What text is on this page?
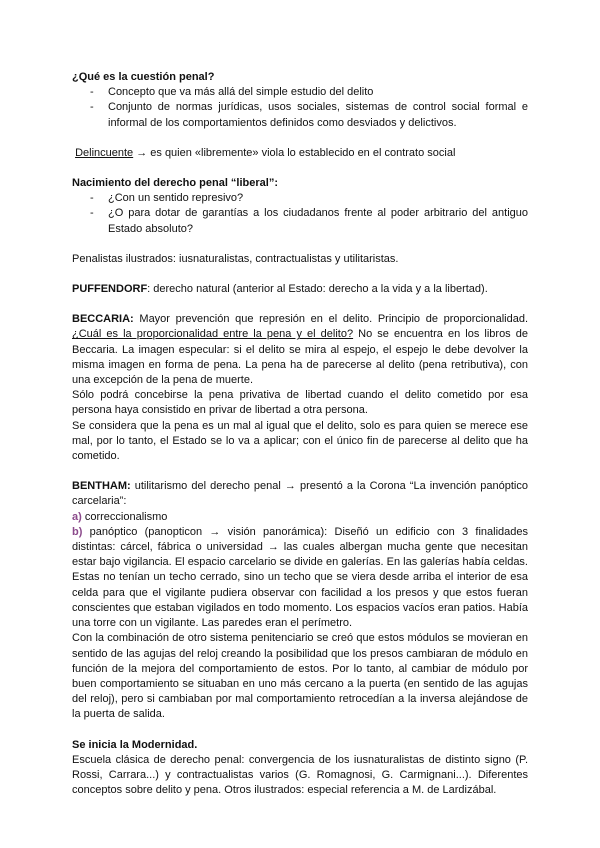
¿Qué es la cuestión penal?

- Concepto que va más allá del simple estudio del delito
- Conjunto de normas jurídicas, usos sociales, sistemas de control social formal e informal de los comportamientos definidos como desviados y delictivos.

Delincuente → es quien «libremente» viola lo establecido en el contrato social

Nacimiento del derecho penal “liberal”:

- ¿Con un sentido represivo?
- ¿O para dotar de garantías a los ciudadanos frente al poder arbitrario del antiguo Estado absoluto?

Penalistas ilustrados: iusnaturalistas, contractualistas y utilitaristas.

PUFFENDORF: derecho natural (anterior al Estado: derecho a la vida y a la libertad).

BECCARIA: Mayor prevención que represión en el delito. Principio de proporcionalidad. ¿Cuál es la proporcionalidad entre la pena y el delito? No se encuentra en los libros de Beccaria. La imagen especular: si el delito se mira al espejo, el espejo le debe devolver la misma imagen en forma de pena. La pena ha de parecerse al delito (pena retributiva), con una excepción de la pena de muerte.

Sólo podrá concebirse la pena privativa de libertad cuando el delito cometido por esa persona haya consistido en privar de libertad a otra persona.

Se considera que la pena es un mal al igual que el delito, solo es para quien se merece ese mal, por lo tanto, el Estado se lo va a aplicar; con el único fin de parecerse al delito que ha cometido.

BENTHAM: utilitarismo del derecho penal → presentó a la Corona “La invención panóptico carcelaria”:

a) correccionalismo

b) panóptico (panopticon → visión panorámica): Diseñó un edificio con 3 finalidades distintas: cárcel, fábrica o universidad → las cuales albergan mucha gente que necesitan estar bajo vigilancia. El espacio carcelario se divide en galerías. En las galerías había celdas. Estas no tenían un techo cerrado, sino un techo que se viera desde arriba el interior de esa celda para que el vigilante pudiera observar con facilidad a los presos y que estos fueran conscientes que estaban vigilados en todo momento. Los espacios vacíos eran patios. Había una torre con un vigilante. Las paredes eran el perímetro.

Con la combinación de otro sistema penitenciario se creó que estos módulos se movieran en sentido de las agujas del reloj creando la posibilidad que los presos cambiaran de módulo en función de la mejora del comportamiento de estos. Por lo tanto, al cambiar de módulo por buen comportamiento se situaban en uno más cercano a la puerta (en sentido de las agujas del reloj), pero si cambiaban por mal comportamiento retrocedían a la inversa alejándose de la puerta de salida.

Se inicia la Modernidad.

Escuela clásica de derecho penal: convergencia de los iusnaturalistas de distinto signo (P. Rossi, Carrara...) y contractualistas varios (G. Romagnosi, G. Carmignani...). Diferentes conceptos sobre delito y pena. Otros ilustrados: especial referencia a M. de Lardizábal.
